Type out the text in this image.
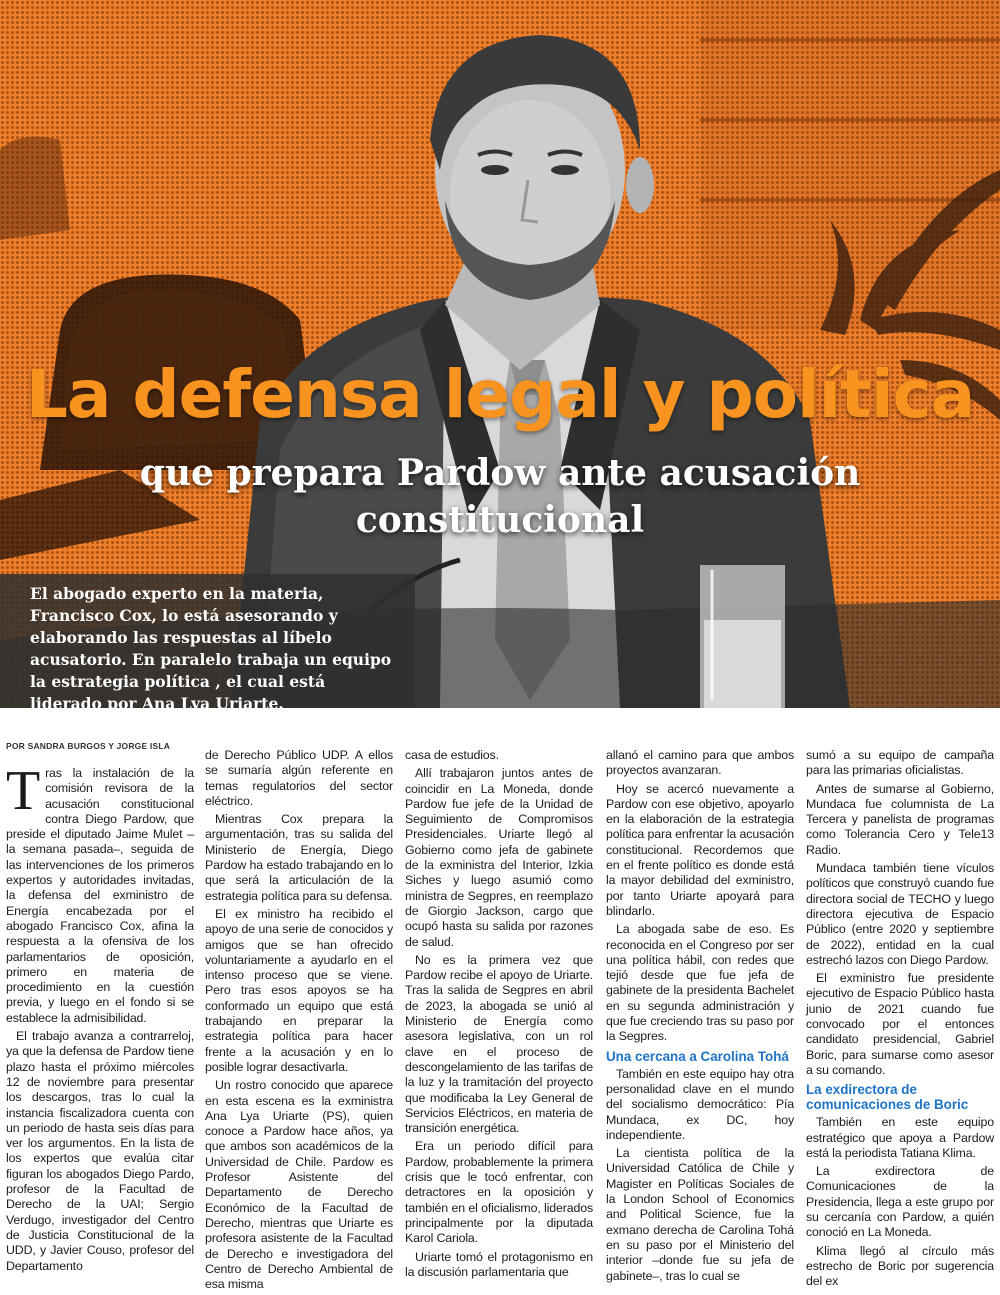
La defensa legal y política
que prepara Pardow ante acusación constitucional

El abogado experto en la materia, Francisco Cox, lo está asesorando y elaborando las respuestas al líbelo acusatorio. En paralelo trabaja un equipo la estrategia política , el cual está liderado por Ana Lya Uriarte.

POR SANDRA BURGOS Y JORGE ISLA

Tras la instalación de la comisión revisora de la acusación constitucional contra Diego Pardow, que preside el diputado Jaime Mulet –la semana pasada–, seguida de las intervenciones de los primeros expertos y autoridades invitadas, la defensa del exministro de Energía encabezada por el abogado Francisco Cox, afina la respuesta a la ofensiva de los parlamentarios de oposición, primero en materia de procedimiento en la cuestión previa, y luego en el fondo si se establece la admisibilidad.

El trabajo avanza a contrarreloj, ya que la defensa de Pardow tiene plazo hasta el próximo miércoles 12 de noviembre para presentar los descargos, tras lo cual la instancia fiscalizadora cuenta con un periodo de hasta seis días para ver los argumentos. En la lista de los expertos que evalúa citar figuran los abogados Diego Pardo, profesor de la Facultad de Derecho de la UAI; Sergio Verdugo, investigador del Centro de Justicia Constitucional de la UDD, y Javier Couso, profesor del Departamento

de Derecho Público UDP. A ellos se sumaría algún referente en temas regulatorios del sector eléctrico.

Mientras Cox prepara la argumentación, tras su salida del Ministerio de Energía, Diego Pardow ha estado trabajando en lo que será la articulación de la estrategia política para su defensa.

El ex ministro ha recibido el apoyo de una serie de conocidos y amigos que se han ofrecido voluntariamente a ayudarlo en el intenso proceso que se viene. Pero tras esos apoyos se ha conformado un equipo que está trabajando en preparar la estrategia política para hacer frente a la acusación y en lo posible lograr desactivarla.

Un rostro conocido que aparece en esta escena es la exministra Ana Lya Uriarte (PS), quien conoce a Pardow hace años, ya que ambos son académicos de la Universidad de Chile. Pardow es Profesor Asistente del Departamento de Derecho Económico de la Facultad de Derecho, mientras que Uriarte es profesora asistente de la Facultad de Derecho e investigadora del Centro de Derecho Ambiental de esa misma

casa de estudios.

Allí trabajaron juntos antes de coincidir en La Moneda, donde Pardow fue jefe de la Unidad de Seguimiento de Compromisos Presidenciales. Uriarte llegó al Gobierno como jefa de gabinete de la exministra del Interior, Izkia Siches y luego asumió como ministra de Segpres, en reemplazo de Giorgio Jackson, cargo que ocupó hasta su salida por razones de salud.

No es la primera vez que Pardow recibe el apoyo de Uriarte. Tras la salida de Segpres en abril de 2023, la abogada se unió al Ministerio de Energía como asesora legislativa, con un rol clave en el proceso de descongelamiento de las tarifas de la luz y la tramitación del proyecto que modificaba la Ley General de Servicios Eléctricos, en materia de transición energética.

Era un periodo difícil para Pardow, probablemente la primera crisis que le tocó enfrentar, con detractores en la oposición y también en el oficialismo, liderados principalmente por la diputada Karol Cariola.

Uriarte tomó el protagonismo en la discusión parlamentaria que

allanó el camino para que ambos proyectos avanzaran.

Hoy se acercó nuevamente a Pardow con ese objetivo, apoyarlo en la elaboración de la estrategia política para enfrentar la acusación constitucional. Recordemos que en el frente político es donde está la mayor debilidad del exministro, por tanto Uriarte apoyará para blindarlo.

La abogada sabe de eso. Es reconocida en el Congreso por ser una política hábil, con redes que tejió desde que fue jefa de gabinete de la presidenta Bachelet en su segunda administración y que fue creciendo tras su paso por la Segpres.

Una cercana a Carolina Tohá

También en este equipo hay otra personalidad clave en el mundo del socialismo democrático: Pía Mundaca, ex DC, hoy independiente.

La cientista política de la Universidad Católica de Chile y Magister en Políticas Sociales de la London School of Economics and Political Science, fue la exmano derecha de Carolina Tohá en su paso por el Ministerio del interior –donde fue su jefa de gabinete–, tras lo cual se

sumó a su equipo de campaña para las primarias oficialistas.

Antes de sumarse al Gobierno, Mundaca fue columnista de La Tercera y panelista de programas como Tolerancia Cero y Tele13 Radio.

Mundaca también tiene vículos políticos que construyó cuando fue directora social de TECHO y luego directora ejecutiva de Espacio Público (entre 2020 y septiembre de 2022), entidad en la cual estrechó lazos con Diego Pardow.

El exministro fue presidente ejecutivo de Espacio Público hasta junio de 2021 cuando fue convocado por el entonces candidato presidencial, Gabriel Boric, para sumarse como asesor a su comando.

La exdirectora de comunicaciones de Boric

También en este equipo estratégico que apoya a Pardow está la periodista Tatiana Klima.

La exdirectora de Comunicaciones de la Presidencia, llega a este grupo por su cercanía con Pardow, a quién conoció en La Moneda.

Klima llegó al círculo más estrecho de Boric por sugerencia del ex
